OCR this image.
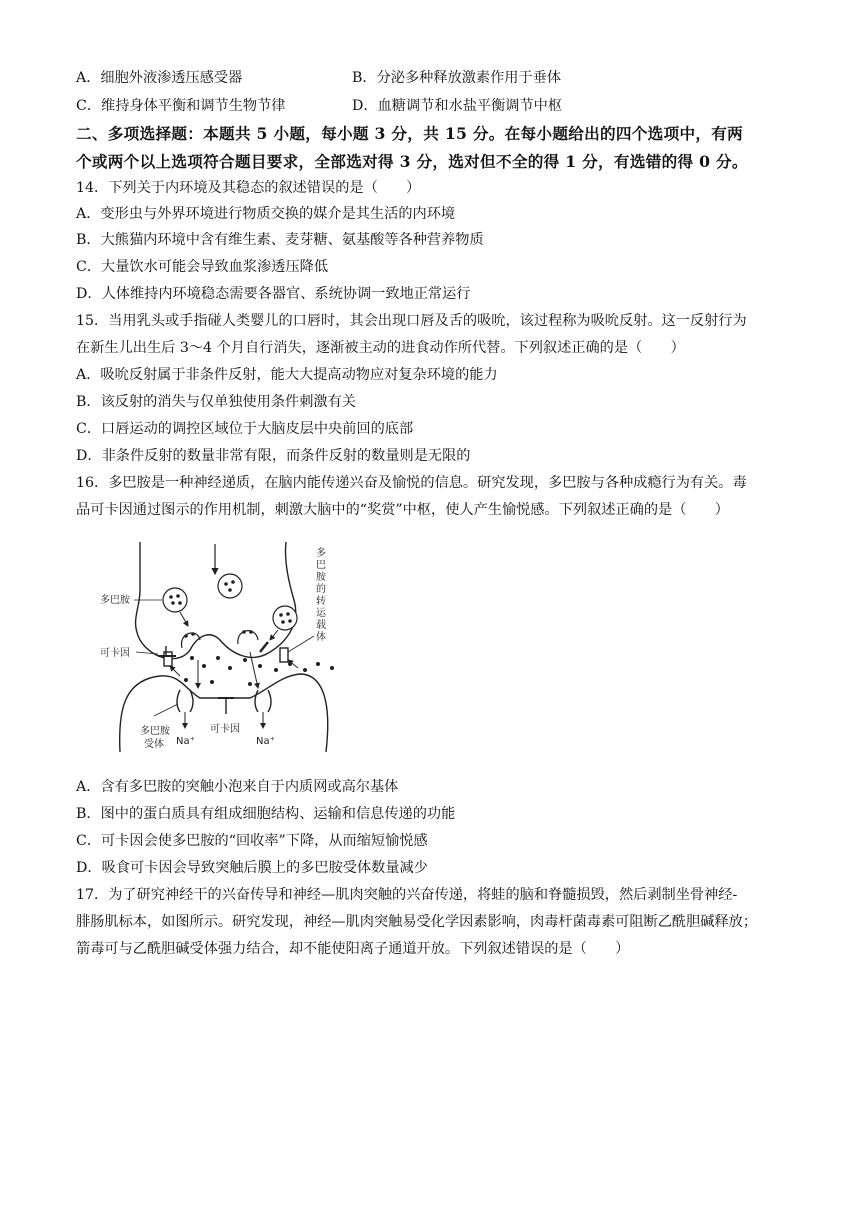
A．细胞外液渗透压感受器	B．分泌多种释放激素作用于垂体
C．维持身体平衡和调节生物节律	D．血糖调节和水盐平衡调节中枢
二、多项选择题：本题共 5 小题，每小题 3 分，共 15 分。在每小题给出的四个选项中，有两
个或两个以上选项符合题目要求，全部选对得 3 分，选对但不全的得 1 分，有选错的得 0 分。
14．下列关于内环境及其稳态的叙述错误的是（　　）
A．变形虫与外界环境进行物质交换的媒介是其生活的内环境
B．大熊猫内环境中含有维生素、麦芽糖、氨基酸等各种营养物质
C．大量饮水可能会导致血浆渗透压降低
D．人体维持内环境稳态需要各器官、系统协调一致地正常运行
15．当用乳头或手指碰人类婴儿的口唇时，其会出现口唇及舌的吸吮，该过程称为吸吮反射。这一反射行为
在新生儿出生后 3～4 个月自行消失，逐渐被主动的进食动作所代替。下列叙述正确的是（　　）
A．吸吮反射属于非条件反射，能大大提高动物应对复杂环境的能力
B．该反射的消失与仅单独使用条件刺激有关
C．口唇运动的调控区域位于大脑皮层中央前回的底部
D．非条件反射的数量非常有限，而条件反射的数量则是无限的
16．多巴胺是一种神经递质，在脑内能传递兴奋及愉悦的信息。研究发现，多巴胺与各种成瘾行为有关。毒
品可卡因通过图示的作用机制，刺激大脑中的“奖赏”中枢，使人产生愉悦感。下列叙述正确的是（　　）
多巴胺
可卡因
可卡因
多巴胺
受体 Na⁺	Na⁺
多
巴
胺
的
转
运
载
体
A．含有多巴胺的突触小泡来自于内质网或高尔基体
B．图中的蛋白质具有组成细胞结构、运输和信息传递的功能
C．可卡因会使多巴胺的“回收率”下降，从而缩短愉悦感
D．吸食可卡因会导致突触后膜上的多巴胺受体数量减少
17．为了研究神经干的兴奋传导和神经—肌肉突触的兴奋传递，将蛙的脑和脊髓损毁，然后剥制坐骨神经-
腓肠肌标本，如图所示。研究发现，神经—肌肉突触易受化学因素影响，肉毒杆菌毒素可阻断乙酰胆碱释放；
箭毒可与乙酰胆碱受体强力结合，却不能使阳离子通道开放。下列叙述错误的是（　　）
